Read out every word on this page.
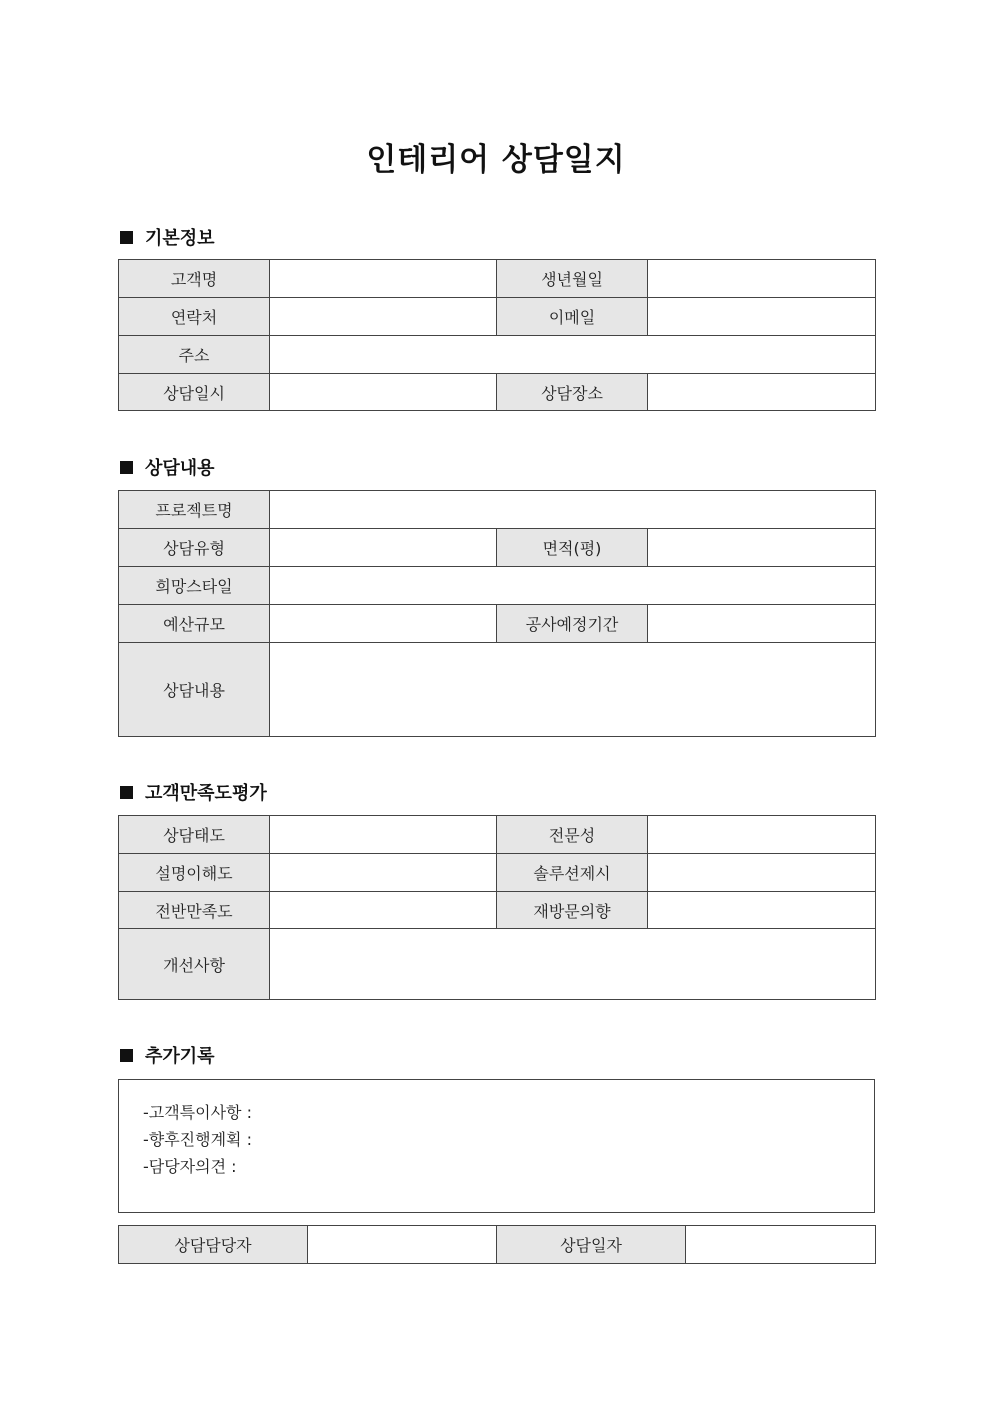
인테리어 상담일지
기본정보
고객명		생년월일	
연락처		이메일	
주소			
상담일시		상담장소	
상담내용
프로젝트명			
상담유형		면적(평)	
희망스타일			
예산규모		공사예정기간	
상담내용			
고객만족도평가
상담태도		전문성	
설명이해도		솔루션제시	
전반만족도		재방문의향	
개선사항			
추가기록
-고객특이사항 :
-향후진행계획 :
-담당자의견 :
상담담당자		상담일자	
